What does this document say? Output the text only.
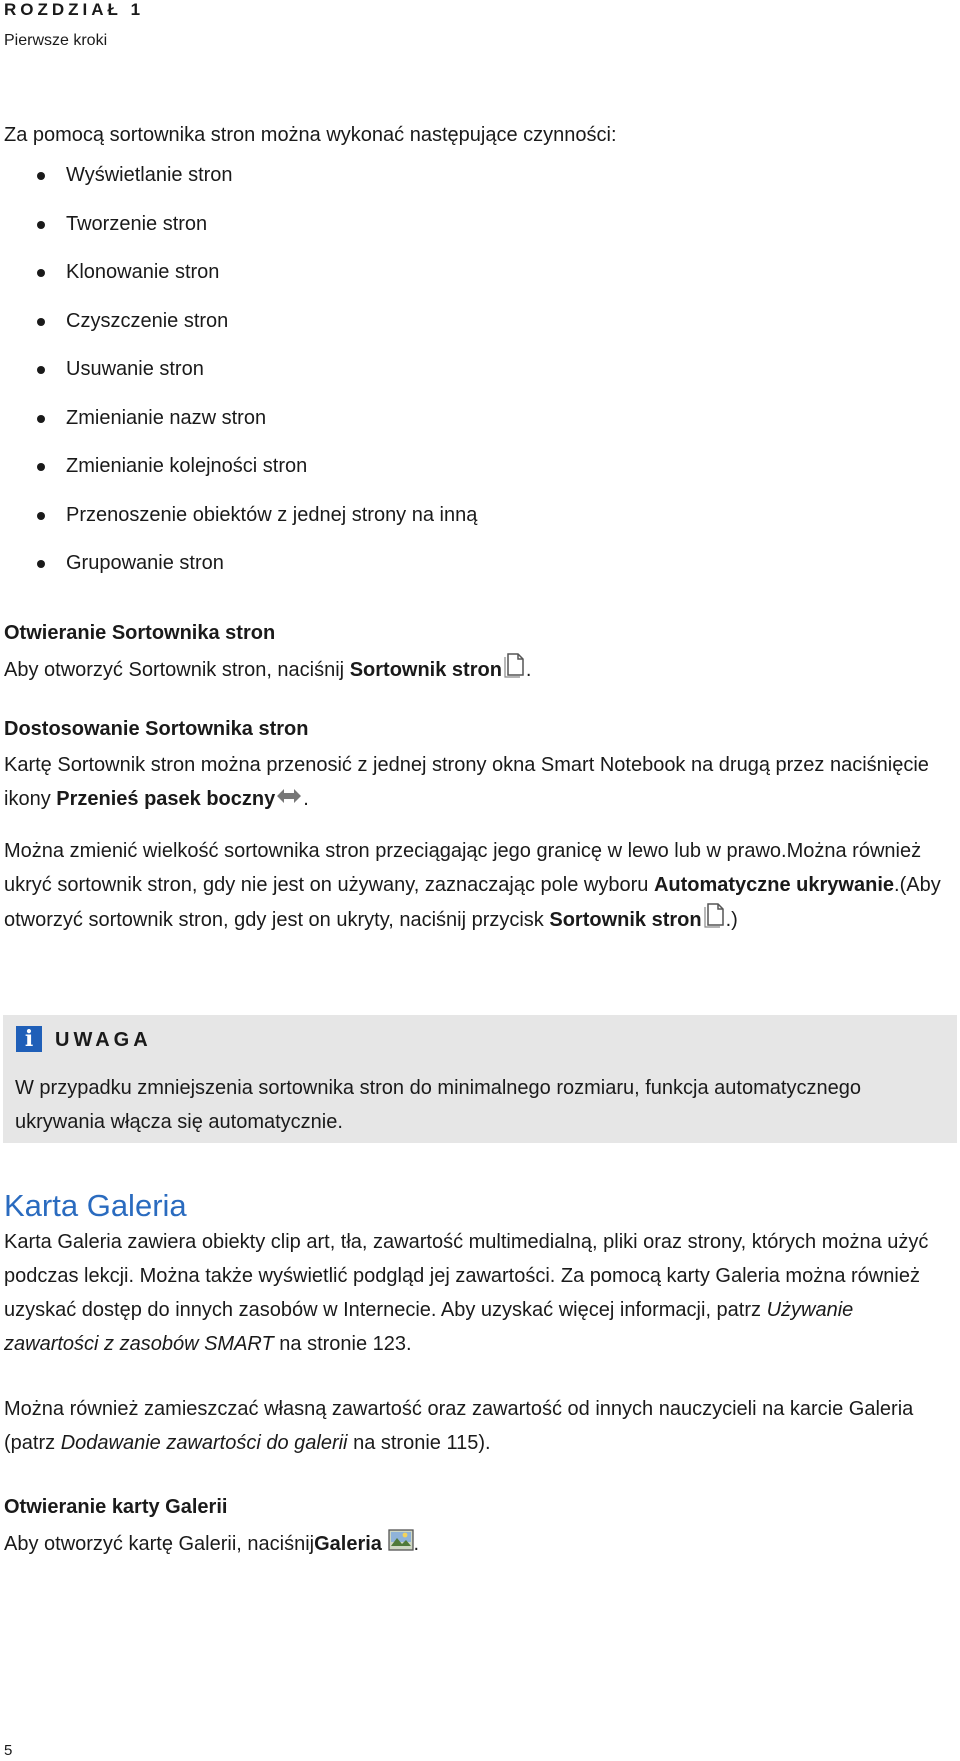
ROZDZIAŁ 1
Pierwsze kroki
Za pomocą sortownika stron można wykonać następujące czynności:
Wyświetlanie stron
Tworzenie stron
Klonowanie stron
Czyszczenie stron
Usuwanie stron
Zmienianie nazw stron
Zmienianie kolejności stron
Przenoszenie obiektów z jednej strony na inną
Grupowanie stron
Otwieranie Sortownika stron
Aby otworzyć Sortownik stron, naciśnij Sortownik stron .
Dostosowanie Sortownika stron
Kartę Sortownik stron można przenosić z jednej strony okna Smart Notebook na drugą przez naciśnięcie ikony Przenieś pasek boczny .
Można zmienić wielkość sortownika stron przeciągając jego granicę w lewo lub w prawo.Można również ukryć sortownik stron, gdy nie jest on używany, zaznaczając pole wyboru Automatyczne ukrywanie.(Aby otworzyć sortownik stron, gdy jest on ukryty, naciśnij przycisk Sortownik stron .)
i	UWAGA
W przypadku zmniejszenia sortownika stron do minimalnego rozmiaru, funkcja automatycznego ukrywania włącza się automatycznie.
Karta Galeria
Karta Galeria zawiera obiekty clip art, tła, zawartość multimedialną, pliki oraz strony, których można użyć podczas lekcji. Można także wyświetlić podgląd jej zawartości. Za pomocą karty Galeria można również uzyskać dostęp do innych zasobów w Internecie. Aby uzyskać więcej informacji, patrz Używanie zawartości z zasobów SMART na stronie 123.
Można również zamieszczać własną zawartość oraz zawartość od innych nauczycieli na karcie Galeria (patrz Dodawanie zawartości do galerii na stronie 115).
Otwieranie karty Galerii
Aby otworzyć kartę Galerii, naciśnijGaleria .
5
